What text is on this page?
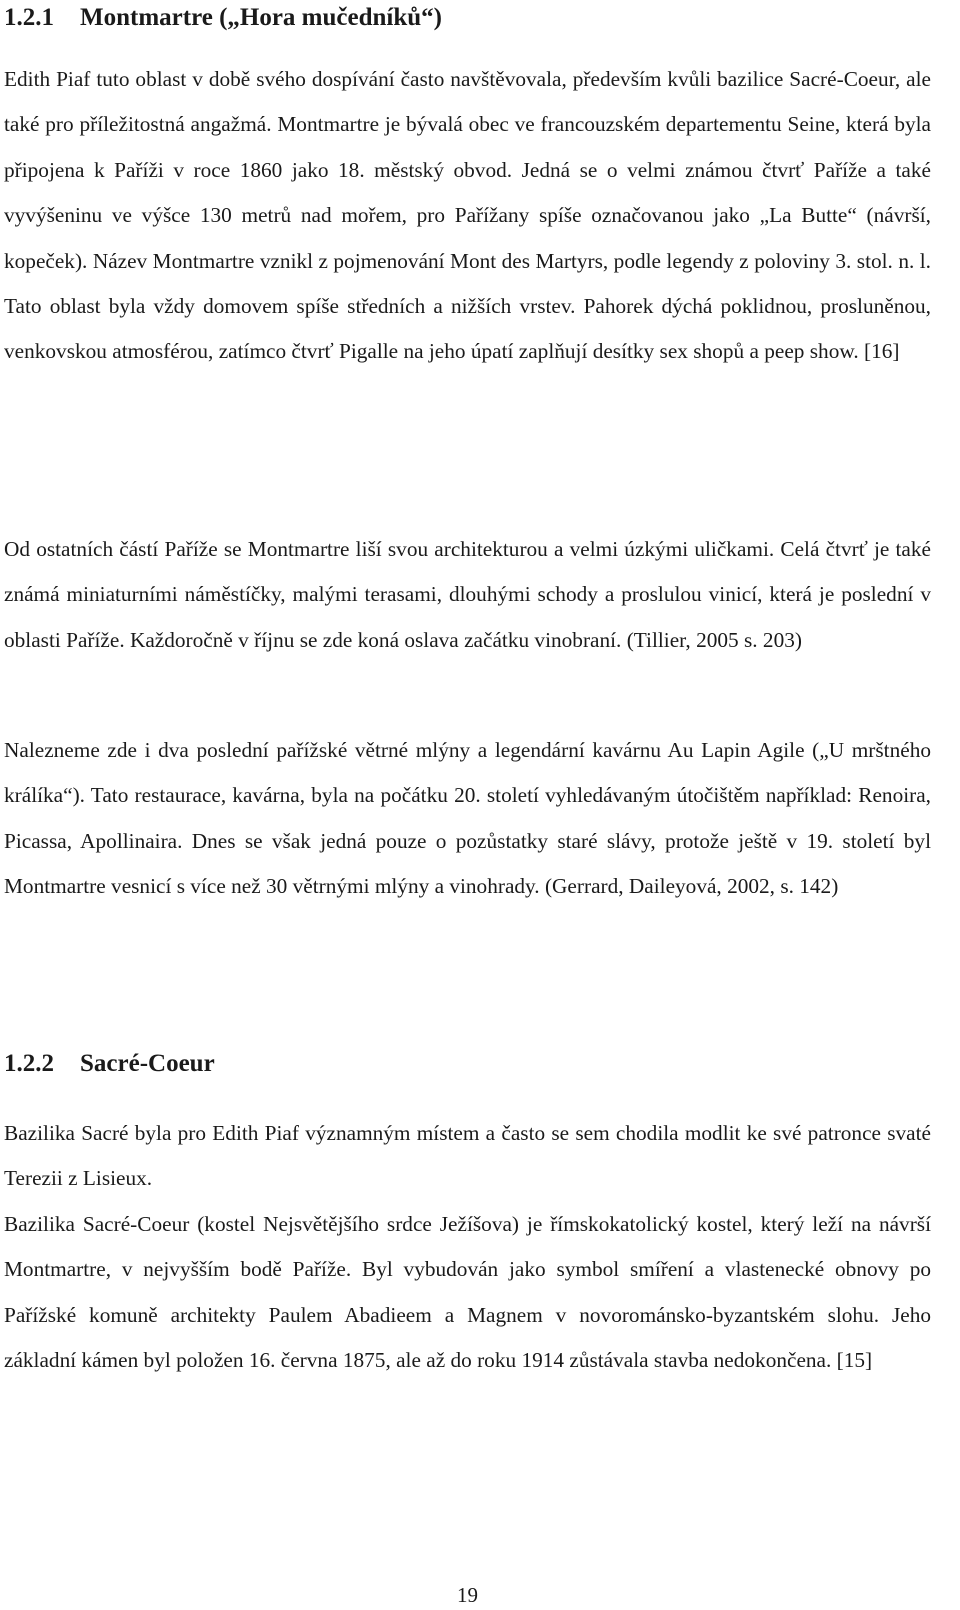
1.2.1 Montmartre („Hora mučedníků“)

Edith Piaf tuto oblast v době svého dospívání často navštěvovala, především kvůli bazilice Sacré-Coeur, ale také pro příležitostná angažmá. Montmartre je bývalá obec ve francouzském departementu Seine, která byla připojena k Paříži v roce 1860 jako 18. městský obvod. Jedná se o velmi známou čtvrť Paříže a také vyvýšeninu ve výšce 130 metrů nad mořem, pro Pařížany spíše označovanou jako „La Butte“ (návrší, kopeček). Název Montmartre vznikl z pojmenování Mont des Martyrs, podle legendy z poloviny 3. stol. n. l. Tato oblast byla vždy domovem spíše středních a nižších vrstev. Pahorek dýchá poklidnou, prosluněnou, venkovskou atmosférou, zatímco čtvrť Pigalle na jeho úpatí zaplňují desítky sex shopů a peep show. [16]

Od ostatních částí Paříže se Montmartre liší svou architekturou a velmi úzkými uličkami. Celá čtvrť je také známá miniaturními náměstíčky, malými terasami, dlouhými schody a proslulou vinicí, která je poslední v oblasti Paříže. Každoročně v říjnu se zde koná oslava začátku vinobraní. (Tillier, 2005 s. 203)

Nalezneme zde i dva poslední pařížské větrné mlýny a legendární kavárnu Au Lapin Agile („U mrštného králíka“). Tato restaurace, kavárna, byla na počátku 20. století vyhledávaným útočištěm například: Renoira, Picassa, Apollinaira. Dnes se však jedná pouze o pozůstatky staré slávy, protože ještě v 19. století byl Montmartre vesnicí s více než 30 větrnými mlýny a vinohrady. (Gerrard, Daileyová, 2002, s. 142)

1.2.2 Sacré-Coeur

Bazilika Sacré byla pro Edith Piaf významným místem a často se sem chodila modlit ke své patronce svaté Terezii z Lisieux.

Bazilika Sacré-Coeur (kostel Nejsvětějšího srdce Ježíšova) je římskokatolický kostel, který leží na návrší Montmartre, v nejvyšším bodě Paříže. Byl vybudován jako symbol smíření a vlastenecké obnovy po Pařížské komuně architekty Paulem Abadieem a Magnem v novorománsko-byzantském slohu. Jeho základní kámen byl položen 16. června 1875, ale až do roku 1914 zůstávala stavba nedokončena. [15]

19
